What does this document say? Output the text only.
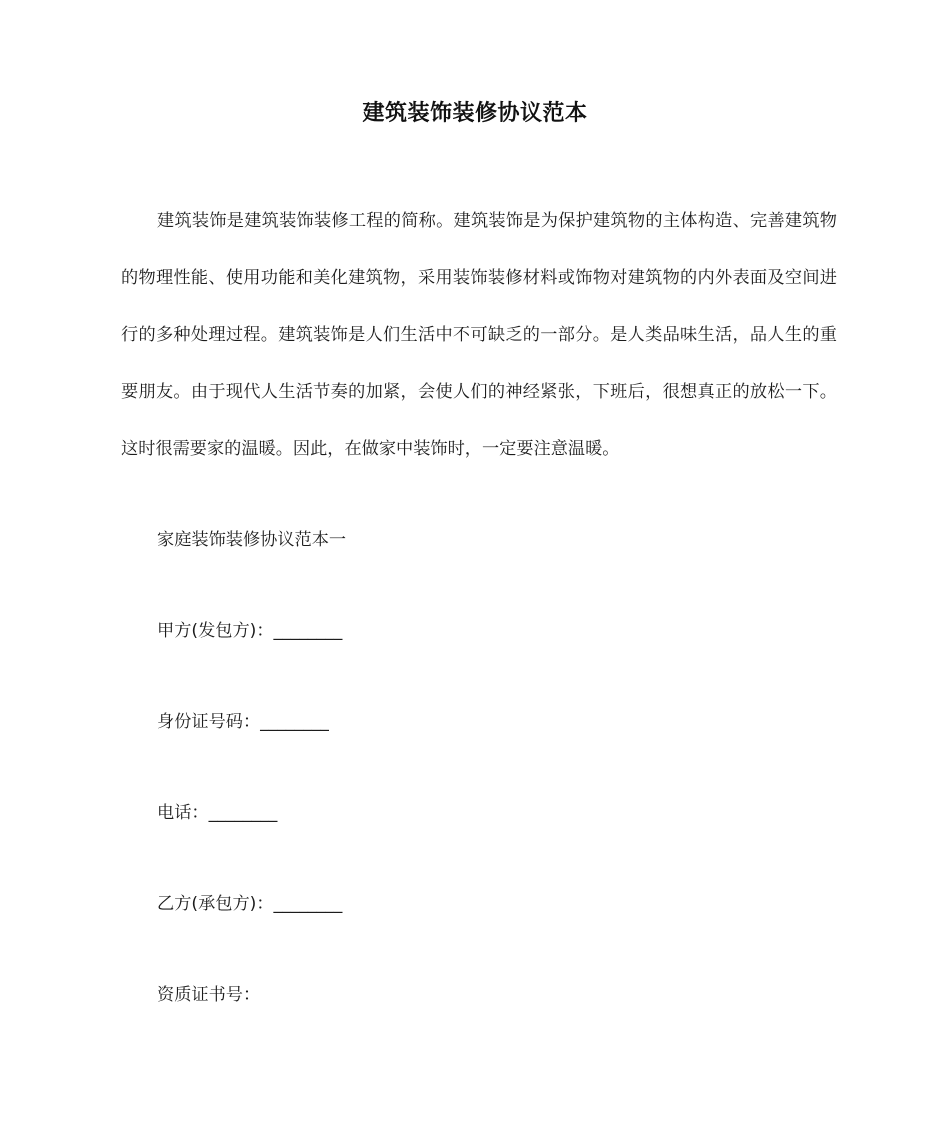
建筑装饰装修协议范本

建筑装饰是建筑装饰装修工程的简称。建筑装饰是为保护建筑物的主体构造、完善建筑物的物理性能、使用功能和美化建筑物，采用装饰装修材料或饰物对建筑物的内外表面及空间进行的多种处理过程。建筑装饰是人们生活中不可缺乏的一部分。是人类品味生活，品人生的重要朋友。由于现代人生活节奏的加紧，会使人们的神经紧张，下班后，很想真正的放松一下。这时很需要家的温暖。因此，在做家中装饰时，一定要注意温暖。

家庭装饰装修协议范本一

甲方(发包方)：________

身份证号码：________

电话：________

乙方(承包方)：________

资质证书号：
